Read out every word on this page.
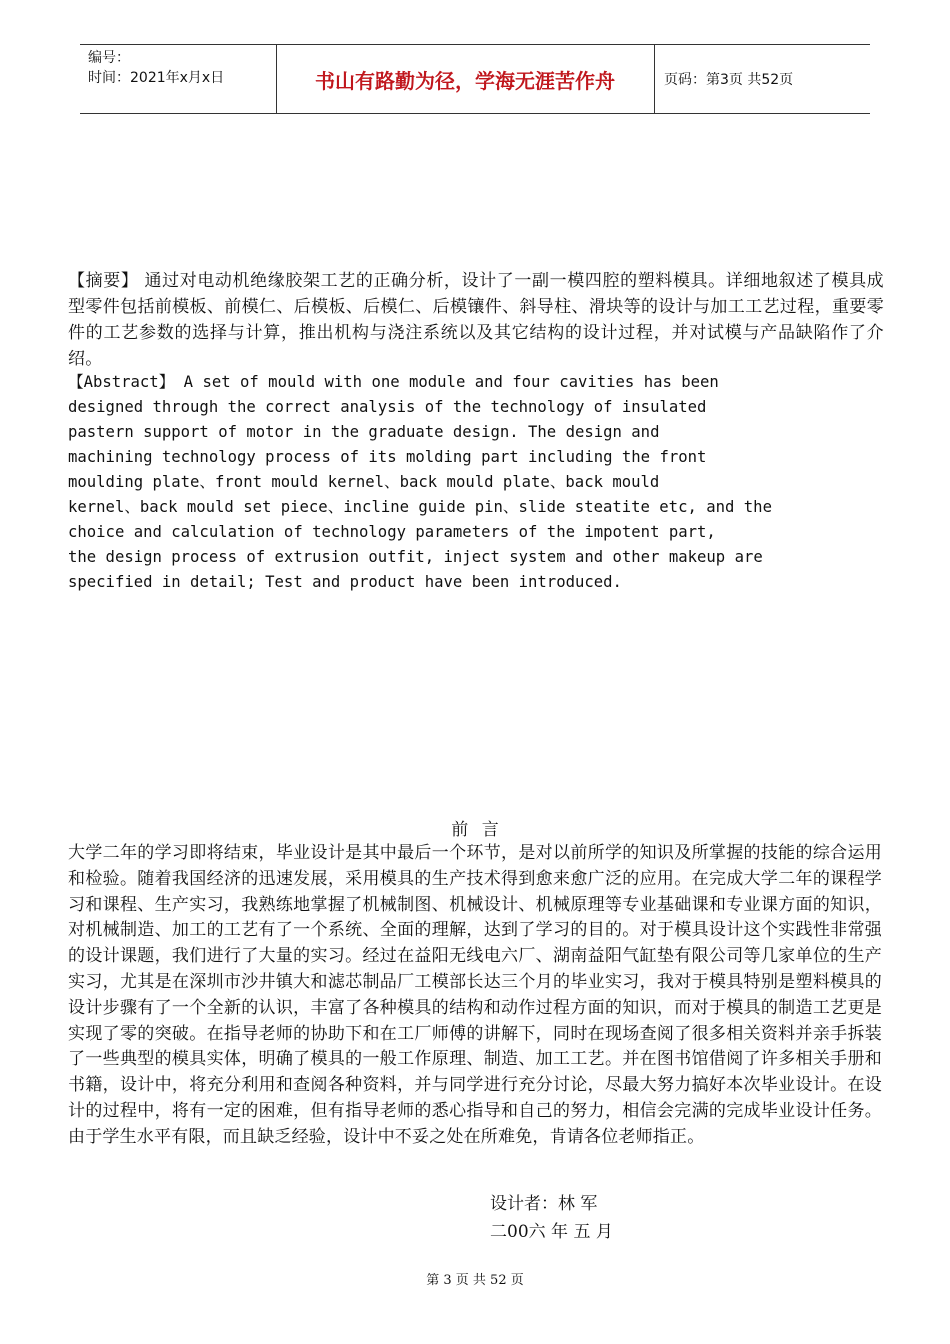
编号：
时间：2021年x月x日	书山有路勤为径，学海无涯苦作舟	页码：第3页 共52页
【摘要】 通过对电动机绝缘胶架工艺的正确分析，设计了一副一模四腔的塑料模具。详细地叙述了模具成型零件包括前模板、前模仁、后模板、后模仁、后模镶件、斜导柱、滑块等的设计与加工工艺过程，重要零件的工艺参数的选择与计算，推出机构与浇注系统以及其它结构的设计过程，并对试模与产品缺陷作了介绍。
【Abstract】 A set of mould with one module and four cavities has been
designed through the correct analysis of the technology of insulated
pastern support of motor in the graduate design. The design and
machining technology process of its molding part including the front
moulding plate、front mould kernel、back mould plate、back mould
kernel、back mould set piece、incline guide pin、slide steatite etc, and the
choice and calculation of technology parameters of the impotent part,
the design process of extrusion outfit, inject system and other makeup are
specified in detail; Test and product have been introduced.
前 言
大学二年的学习即将结束，毕业设计是其中最后一个环节，是对以前所学的知识及所掌握的技能的综合运用和检验。随着我国经济的迅速发展，采用模具的生产技术得到愈来愈广泛的应用。在完成大学二年的课程学习和课程、生产实习，我熟练地掌握了机械制图、机械设计、机械原理等专业基础课和专业课方面的知识，对机械制造、加工的工艺有了一个系统、全面的理解，达到了学习的目的。对于模具设计这个实践性非常强的设计课题，我们进行了大量的实习。经过在益阳无线电六厂、湖南益阳气缸垫有限公司等几家单位的生产实习，尤其是在深圳市沙井镇大和滤芯制品厂工模部长达三个月的毕业实习，我对于模具特别是塑料模具的设计步骤有了一个全新的认识，丰富了各种模具的结构和动作过程方面的知识，而对于模具的制造工艺更是实现了零的突破。在指导老师的协助下和在工厂师傅的讲解下，同时在现场查阅了很多相关资料并亲手拆装了一些典型的模具实体，明确了模具的一般工作原理、制造、加工工艺。并在图书馆借阅了许多相关手册和书籍，设计中，将充分利用和查阅各种资料，并与同学进行充分讨论，尽最大努力搞好本次毕业设计。在设计的过程中，将有一定的困难，但有指导老师的悉心指导和自己的努力，相信会完满的完成毕业设计任务。由于学生水平有限，而且缺乏经验，设计中不妥之处在所难免，肯请各位老师指正。
设计者：林 军
二00六 年 五 月
第 3 页 共 52 页
